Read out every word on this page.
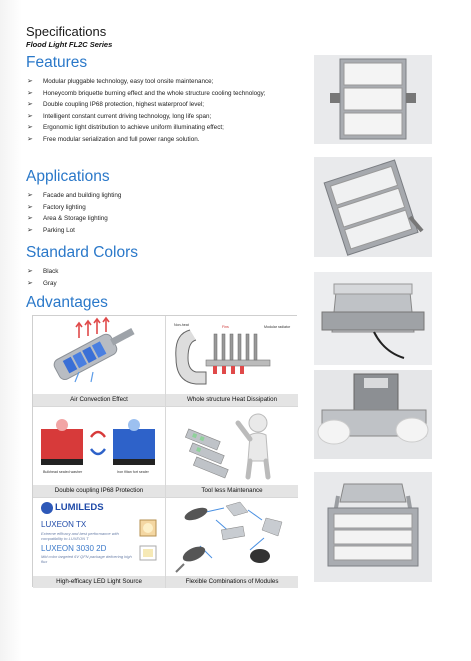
Specifications
Flood Light FL2C Series
Features
➢ Modular pluggable technology, easy tool onsite maintenance;
➢ Honeycomb briquette burning effect and the whole structure cooling technology;
➢ Double coupling IP68 protection, highest waterproof level;
➢ Intelligent constant current driving technology, long life span;
➢ Ergonomic light distribution to achieve uniform illuminating effect;
➢ Free modular serialization and full power range solution.
Applications
➢ Facade and building lighting
➢ Factory lighting
➢ Area & Storage lighting
➢ Parking Lot
Standard Colors
➢ Black
➢ Gray
Advantages
Air Convection Effect
Non-heat	Fins	Modular radiator
Whole structure Heat Dissipation
Bulkhead sealed washer	Iron filtan fort sealer
Double coupling IP68 Protection	Tool less Maintenance
LUMILEDS
LUXEON TX
Extreme efficacy and best performance with compatibility to LUXEON T
LUXEON 3030 2D
Mid color targeted 6V QFN package delivering high flux
High-efficacy LED Light Source	Flexible Combinations of Modules
